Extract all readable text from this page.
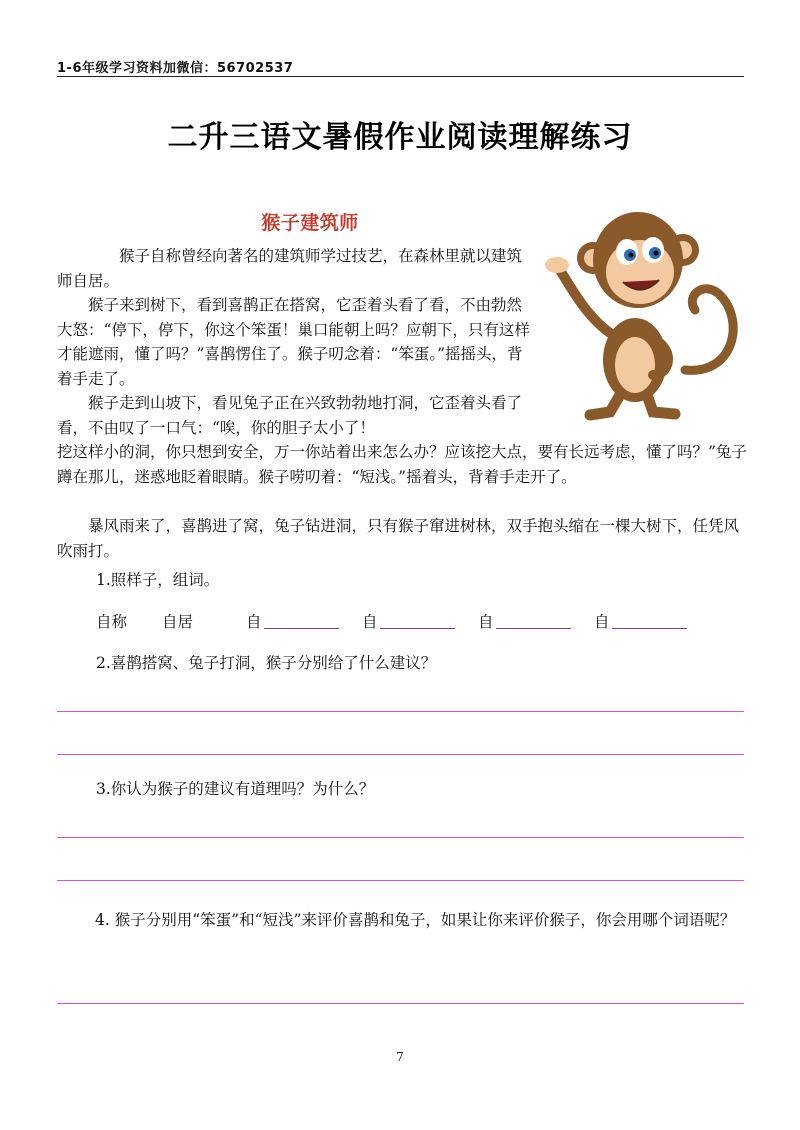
1-6年级学习资料加微信：56702537
二升三语文暑假作业阅读理解练习
猴子建筑师

猴子自称曾经向著名的建筑师学过技艺，在森林里就以建筑师自居。

猴子来到树下，看到喜鹊正在搭窝，它歪着头看了看，不由勃然大怒：“停下，停下，你这个笨蛋！巢口能朝上吗？应朝下，只有这样才能遮雨，懂了吗？”喜鹊愣住了。猴子叨念着：“笨蛋。”摇摇头，背着手走了。

猴子走到山坡下，看见兔子正在兴致勃勃地打洞，它歪着头看了看，不由叹了一口气：“唉，你的胆子太小了！

挖这样小的洞，你只想到安全，万一你站着出来怎么办？应该挖大点，要有长远考虑，懂了吗？”兔子蹲在那儿，迷惑地眨着眼睛。猴子唠叨着：“短浅。”摇着头，背着手走开了。

暴风雨来了，喜鹊进了窝，兔子钻进洞，只有猴子窜进树林，双手抱头缩在一棵大树下，任凭风吹雨打。

1.照样子，组词。

自称 自居	自	自	自	自

2.喜鹊搭窝、兔子打洞，猴子分别给了什么建议？

3.你认为猴子的建议有道理吗？为什么？

4. 猴子分别用“笨蛋”和“短浅”来评价喜鹊和兔子，如果让你来评价猴子，你会用哪个词语呢？

7
